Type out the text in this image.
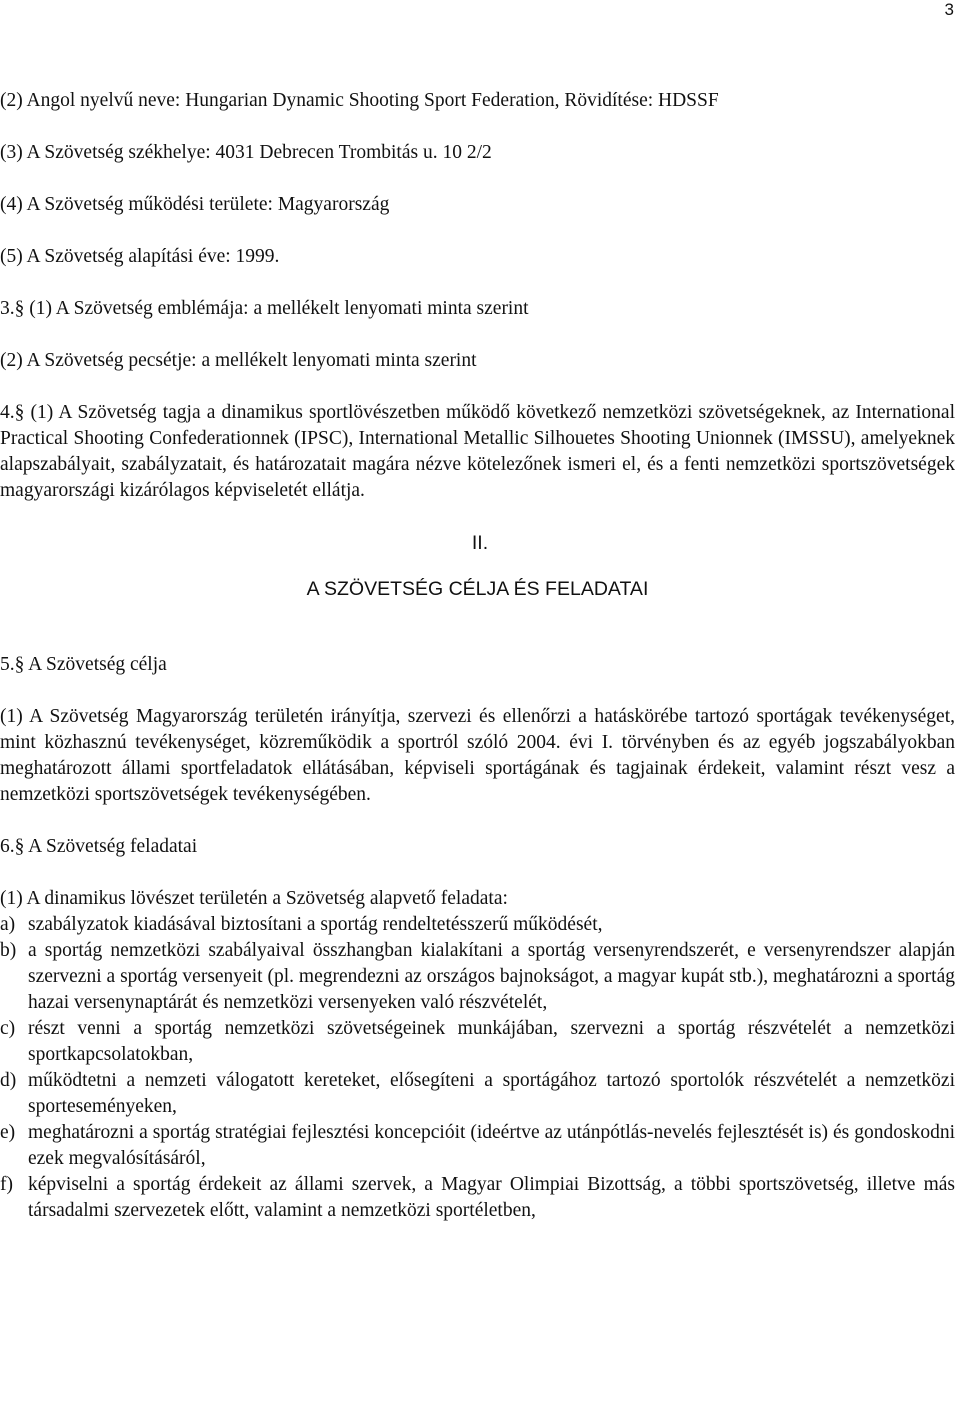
3

(2) Angol nyelvű neve: Hungarian Dynamic Shooting Sport Federation, Rövidítése: HDSSF

(3) A Szövetség székhelye: 4031 Debrecen Trombitás u. 10 2/2

(4) A Szövetség működési területe: Magyarország

(5) A Szövetség alapítási éve: 1999.

3.§ (1) A Szövetség emblémája: a mellékelt lenyomati minta szerint

(2) A Szövetség pecsétje: a mellékelt lenyomati minta szerint

4.§ (1) A Szövetség tagja a dinamikus sportlövészetben működő következő nemzetközi szövetségeknek, az International Practical Shooting Confederationnek (IPSC), International Metallic Silhouetes Shooting Unionnek (IMSSU), amelyeknek alapszabályait, szabályzatait, és határozatait magára nézve kötelezőnek ismeri el, és a fenti nemzetközi sportszövetségek magyarországi kizárólagos képviseletét ellátja.

II.

A SZÖVETSÉG CÉLJA ÉS FELADATAI

5.§ A Szövetség célja

(1) A Szövetség Magyarország területén irányítja, szervezi és ellenőrzi a hatáskörébe tartozó sportágak tevékenységet, mint közhasznú tevékenységet, közreműködik a sportról szóló 2004. évi I. törvényben és az egyéb jogszabályokban meghatározott állami sportfeladatok ellátásában, képviseli sportágának és tagjainak érdekeit, valamint részt vesz a nemzetközi sportszövetségek tevékenységében.

6.§ A Szövetség feladatai

(1) A dinamikus lövészet területén a Szövetség alapvető feladata:

a) szabályzatok kiadásával biztosítani a sportág rendeltetésszerű működését,
b) a sportág nemzetközi szabályaival összhangban kialakítani a sportág versenyrendszerét, e versenyrendszer alapján szervezni a sportág versenyeit (pl. megrendezni az országos bajnokságot, a magyar kupát stb.), meghatározni a sportág hazai versenynaptárát és nemzetközi versenyeken való részvételét,
c) részt venni a sportág nemzetközi szövetségeinek munkájában, szervezni a sportág részvételét a nemzetközi sportkapcsolatokban,
d) működtetni a nemzeti válogatott kereteket, elősegíteni a sportágához tartozó sportolók részvételét a nemzetközi sporteseményeken,
e) meghatározni a sportág stratégiai fejlesztési koncepcióit (ideértve az utánpótlás-nevelés fejlesztését is) és gondoskodni ezek megvalósításáról,
f) képviselni a sportág érdekeit az állami szervek, a Magyar Olimpiai Bizottság, a többi sportszövetség, illetve más társadalmi szervezetek előtt, valamint a nemzetközi sportéletben,
